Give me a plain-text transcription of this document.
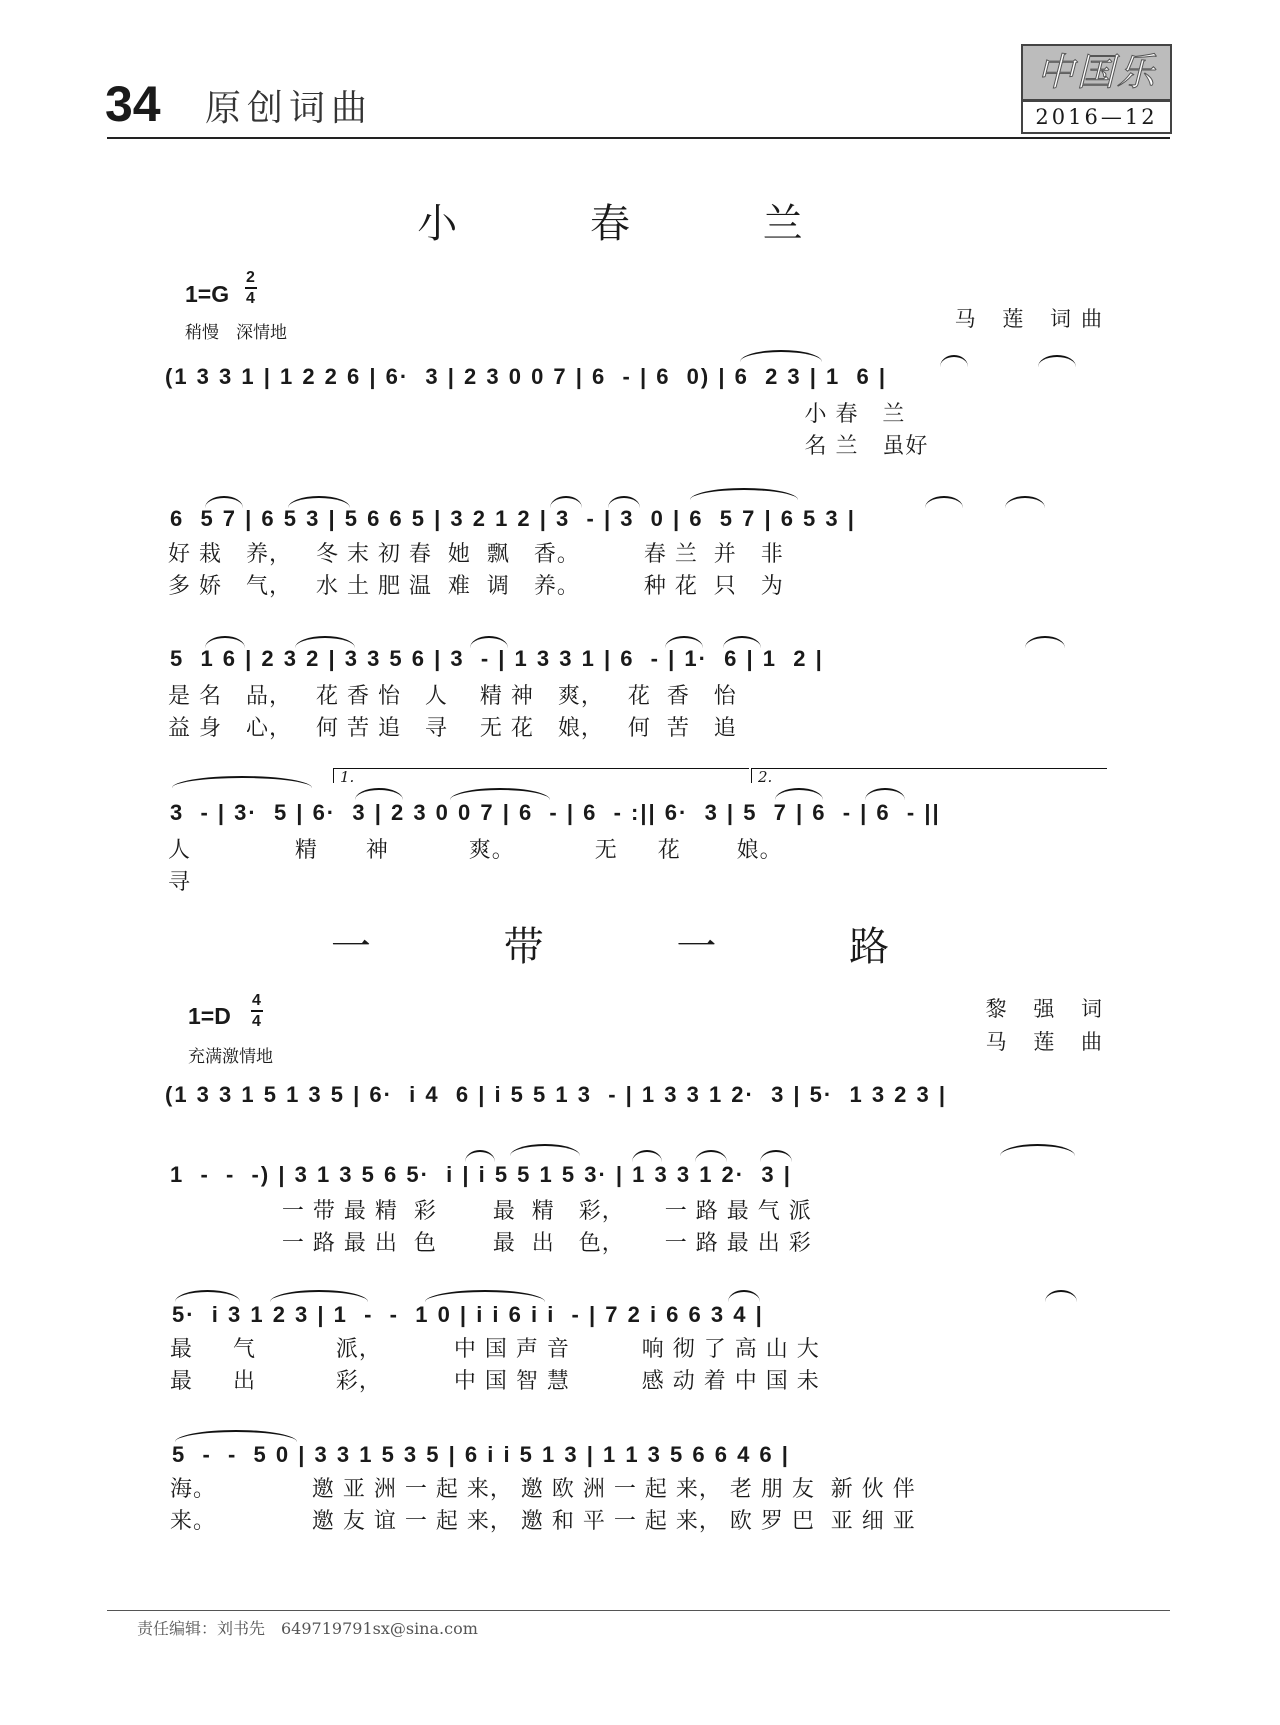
34 原创词曲
中国乐
2016—12
小 春 兰
1=G
2
4
稍慢　深情地
马 莲 词曲
(1 3 3 1 | 1 2 2 6 | 6·  3 | 2 3 0 0 7 | 6  - | 6  0) | 6  2 3 | 1  6 |
小 春   兰
名 兰   虽好
6  5 7 | 6 5 3 | 5 6 6 5 | 3 2 1 2 | 3  - | 3  0 | 6  5 7 | 6 5 3 |
好 栽   养，   冬 末 初 春  她  飘   香。        春 兰  并   非
多 娇   气，   水 土 肥 温  难  调   养。        种 花  只   为
5  1 6 | 2 3 2 | 3 3 5 6 | 3  - | 1 3 3 1 | 6  - | 1·  6 | 1  2 |
是 名   品，   花 香 怡   人    精 神   爽，   花  香   怡
益 身   心，   何 苦 追   寻    无 花   娘，   何  苦   追
1.	2.
3  - | 3·  5 | 6·  3 | 2 3 0 0 7 | 6  - | 6  - :|| 6·  3 | 5  7 | 6  - | 6  - ||
人             精      神          爽。          无     花       娘。
寻
一 带 一 路
1=D
4
4
充满激情地
黎 强 词
马 莲 曲
(1 3 3 1 5 1 3 5 | 6·  i 4  6 | i 5 5 1 3  - | 1 3 3 1 2·  3 | 5·  1 3 2 3 |
1  -  -  -) | 3 1 3 5 6 5·  i | i 5 5 1 5 3· | 1 3 3 1 2·  3 |
一 带 最 精  彩       最  精   彩，     一 路 最 气 派
一 路 最 出  色       最  出   色，     一 路 最 出 彩
5·  i 3 1 2 3 | 1  -  -  1 0 | i i 6 i i  - | 7 2 i 6 6 3 4 |
最     气          派，         中 国 声 音         响 彻 了 高 山 大
最     出          彩，         中 国 智 慧         感 动 着 中 国 未
5  -  -  5 0 | 3 3 1 5 3 5 | 6 i i 5 1 3 | 1 1 3 5 6 6 4 6 |
海。            邀 亚 洲 一 起 来， 邀 欧 洲 一 起 来， 老 朋 友  新 伙 伴
来。            邀 友 谊 一 起 来， 邀 和 平 一 起 来， 欧 罗 巴  亚 细 亚
责任编辑：刘书先　649719791sx@sina.com
